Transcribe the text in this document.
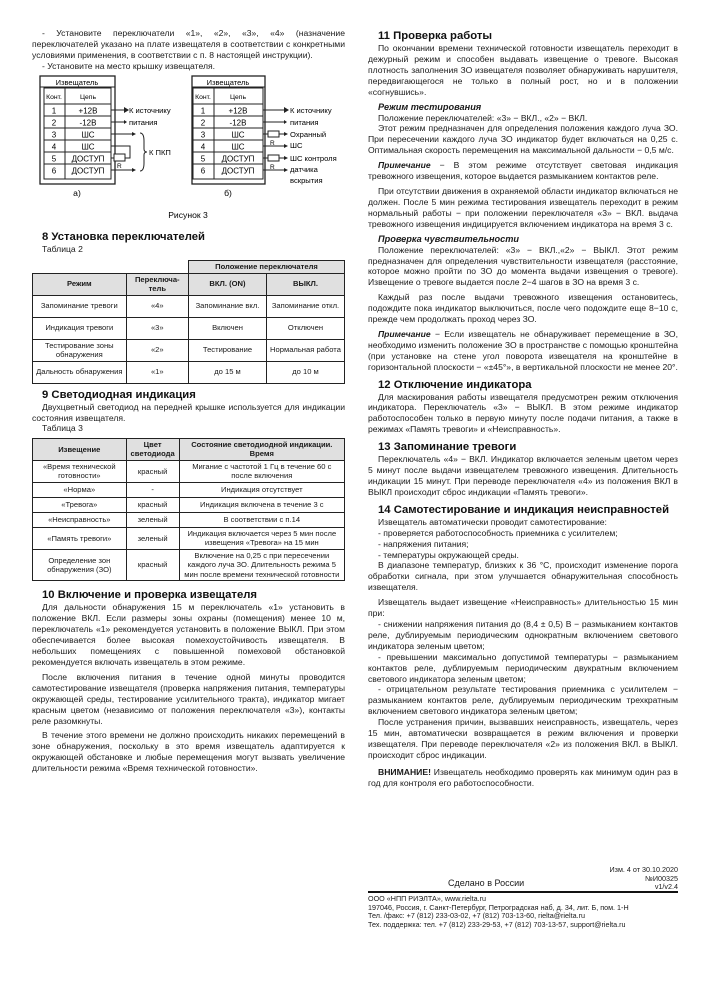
- Установите переключатели «1», «2», «3», «4» (назначение переключателей указано на плате извещателя в соответствии с конкретными условиями применения, в соответствии с п. 8 настоящей инструкции).

- Установите на место крышку извещателя.

Извещатель
Конт.	Цепь
1	+12В
2	-12В
3	ШС
4	ШС
5 ДОСТУП
6 ДОСТУП
а)
К источнику
питания
R
К ПКП
Извещатель
Конт.	Цепь
1	+12В
2	-12В
3	ШС
4	ШС
5 ДОСТУП
6 ДОСТУП
б)
К источнику
питания
R
Охранный
ШС
R
ШС контроля
датчика
вскрытия
Рисунок 3
8 Установка переключателей
Таблица 2
		Положение переключателя	
Режим	Переключа-тель	ВКЛ. (ON)	ВЫКЛ.
Запоминание тревоги	«4»	Запоминание вкл.	Запоминание откл.
Индикация тревоги	«3»	Включен	Отключен
Тестирование зоны обнаружения	«2»	Тестирование	Нормальная работа
Дальность обнаружения	«1»	до 15 м	до 10 м
9 Светодиодная индикация

Двухцветный светодиод на передней крышке используется для индикации состояния извещателя.

Таблица 3
Извещение	Цвет светодиода	Состояние светодиодной индикации. Время
«Время технической готовности»	красный	Мигание с частотой 1 Гц в течение 60 с после включения
«Норма»	-	Индикация отсутствует
«Тревога»	красный	Индикация включена в течение 3 с
«Неисправность»	зеленый	В соответствии с п.14
«Память тревоги»	зеленый	Индикация включается через 5 мин после извещения «Тревога» на 15 мин
Определение зон обнаружения (ЗО)	красный	Включение на 0,25 с при пересечении каждого луча ЗО. Длительность режима 5 мин после времени технической готовности
10 Включение и проверка извещателя

Для дальности обнаружения 15 м переключатель «1» установить в положение ВКЛ. Если размеры зоны охраны (помещения) менее 10 м, переключатель «1» рекомендуется установить в положение ВЫКЛ. При этом обеспечивается более высокая помехоустойчивость извещателя. В небольших помещениях с повышенной помеховой обстановкой рекомендуется включать извещатель в этом режиме.

После включения питания в течение одной минуты проводится самотестирование извещателя (проверка напряжения питания, температуры окружающей среды, тестирование усилительного тракта), индикатор мигает красным цветом (независимо от положения переключателя «3»), контакты реле разомкнуты.

В течение этого времени не должно происходить никаких перемещений в зоне обнаружения, поскольку в это время извещатель адаптируется к окружающей обстановке и любые перемещения могут вызвать увеличение длительности режима «Время технической готовности».

11 Проверка работы

По окончании времени технической готовности извещатель переходит в дежурный режим и способен выдавать извещение о тревоге. Высокая плотность заполнения ЗО извещателя позволяет обнаруживать нарушителя, передвигающегося не только в полный рост, но и в положении «согнувшись».

Режим тестирования

Положение переключателей: «3» − ВКЛ., «2» − ВКЛ.

Этот режим предназначен для определения положения каждого луча ЗО. При пересечении каждого луча ЗО индикатор будет включаться на 0,25 с. Оптимальная скорость перемещения на максимальной дальности − 0,5 м/с.

Примечание − В этом режиме отсутствует световая индикация тревожного извещения, которое выдается размыканием контактов реле.

При отсутствии движения в охраняемой области индикатор включаться не должен. После 5 мин режима тестирования извещатель переходит в режим нормальный работы − при положении переключателя «3» − ВКЛ. выдача тревожного извещения индицируется включением индикатора на время 3 с.

Проверка чувствительности

Положение переключателей: «3» − ВКЛ.,«2» − ВЫКЛ. Этот режим предназначен для определения чувствительности извещателя (расстояние, которое можно пройти по ЗО до момента выдачи извещения о тревоге). Извещение о тревоге выдается после 2−4 шагов в ЗО на время 3 с.

Каждый раз после выдачи тревожного извещения остановитесь, подождите пока индикатор выключиться, после чего подождите еще 8−10 с, прежде чем продолжать проход через ЗО.

Примечание − Если извещатель не обнаруживает перемещение в ЗО, необходимо изменить положение ЗО в пространстве с помощью кронштейна (при установке на стене угол поворота извещателя на кронштейне в горизонтальной плоскости − «±45°», в вертикальной плоскости не менее 20°.

12 Отключение индикатора

Для маскирования работы извещателя предусмотрен режим отключения индикатора. Переключатель «3» − ВЫКЛ. В этом режиме индикатор работоспособен только в первую минуту после подачи питания, а также в режимах «Память тревоги» и «Неисправность».

13 Запоминание тревоги

Переключатель «4» − ВКЛ. Индикатор включается зеленым цветом через 5 минут после выдачи извещателем тревожного извещения. Длительность индикации 15 минут. При переводе переключателя «4» из положения ВКЛ в ВЫКЛ происходит сброс индикации «Память тревоги».

14 Самотестирование и индикация неисправностей

Извещатель автоматически проводит самотестирование:

- проверяется работоспособность приемника с усилителем;

- напряжения питания;

- температуры окружающей среды.

В диапазоне температур, близких к 36 °С, происходит изменение порога обработки сигнала, при этом улучшается обнаружительная способность извещателя.

Извещатель выдает извещение «Неисправность» длительностью 15 мин при:

- снижении напряжения питания до (8,4 ± 0,5) В − размыканием контактов реле, дублируемым периодическим однократным включением светового индикатора зеленым цветом;

- превышении максимально допустимой температуры − размыканием контактов реле, дублируемым периодическим двукратным включением светового индикатора зеленым цветом;

- отрицательном результате тестирования приемника с усилителем − размыканием контактов реле, дублируемым периодическим трехкратным включением светового индикатора зеленым цветом;

После устранения причин, вызвавших неисправность, извещатель, через 15 мин, автоматически возвращается в режим включения и проверки извещателя. При переводе переключателя «2» из положения ВКЛ. в ВЫКЛ. происходит сброс индикации.

ВНИМАНИЕ! Извещатель необходимо проверять как минимум один раз в год для контроля его работоспособности.

Изм. 4 от 30.10.2020
№И00325
v1/v2.4
Сделано в России
ООО «НПП РИЭЛТА», www.rielta.ru
197046, Россия, г. Санкт-Петербург, Петроградская наб, д. 34, лит. Б, пом. 1-Н
Тел. /факс: +7 (812) 233-03-02, +7 (812) 703-13-60, rielta@rielta.ru
Тех. поддержка: тел. +7 (812) 233-29-53, +7 (812) 703-13-57, support@rielta.ru
